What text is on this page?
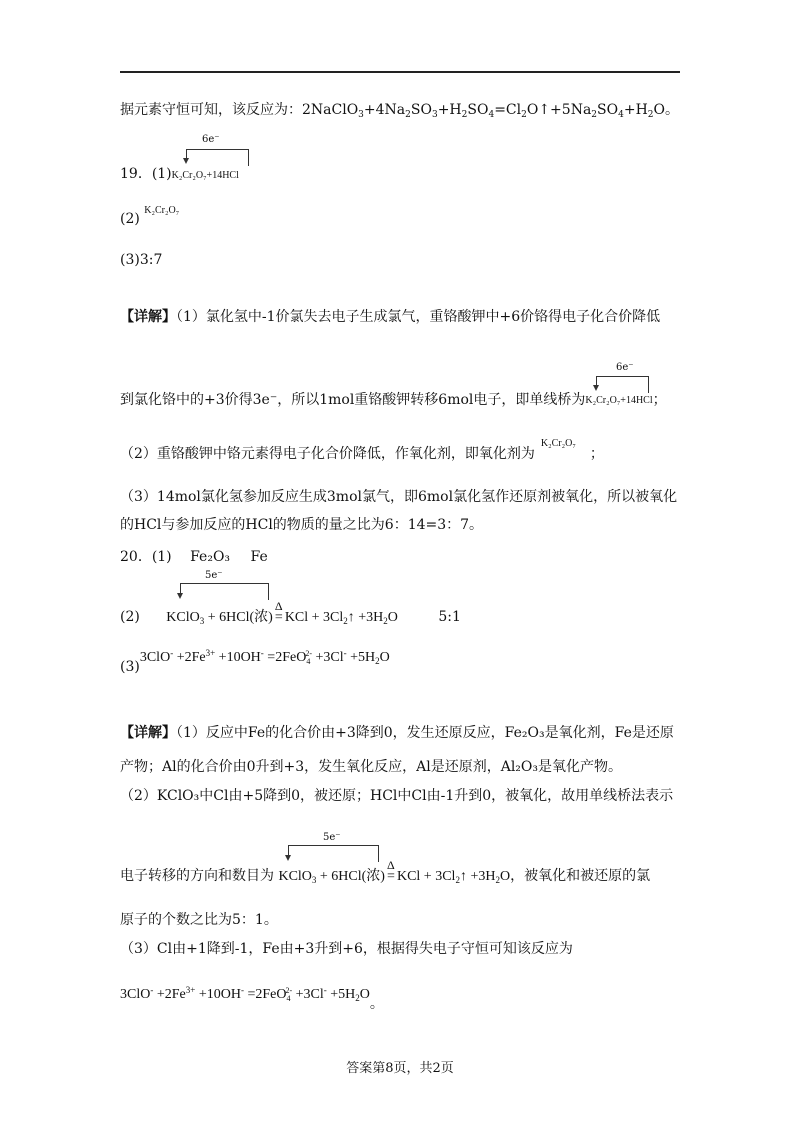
据元素守恒可知，该反应为：$2NaClO_3+4Na_2SO_3+H_2SO_4=Cl_2O↑+5Na_2SO_4+H_2O$。
6e⁻
19．(1)K₂Cr₂O₇+14HCl
(2) $^{K_2Cr_2O_7}$
(3)3:7
【详解】（1）氯化氢中-1价氯失去电子生成氯气，重铬酸钾中+6价铬得电子化合价降低
6e⁻
到氯化铬中的+3价得3e⁻，所以1mol重铬酸钾转移6mol电子，即单线桥为K₂Cr₂O₇+14HCl；
（2）重铬酸钾中铬元素得电子化合价降低，作氧化剂，即氧化剂为$^{K_2Cr_2O_7}$；
（3）14mol氯化氢参加反应生成3mol氯气，即6mol氯化氢作还原剂被氧化，所以被氧化
的HCl与参加反应的HCl的物质的量之比为6：14=3：7。
20．(1) Fe₂O₃ Fe
5e⁻
(2) KClO$_3$ + 6HCl(浓)
Δ
= KCl + $3Cl_2↑ +3H_2O$	5:1
$(3)3ClO^- +2Fe^{3+} +10OH^- =2FeO_4^{2-} +3Cl^- +5H_2O$
【详解】（1）反应中Fe的化合价由+3降到0，发生还原反应，Fe₂O₃是氧化剂，Fe是还原
产物；Al的化合价由0升到+3，发生氧化反应，Al是还原剂，Al₂O₃是氧化产物。
（2）KClO₃中Cl由+5降到0，被还原；HCl中Cl由-1升到0，被氧化，故用单线桥法表示
5e⁻
电子转移的方向和数目为 KClO$_3$ + 6HCl(浓)
Δ
= KCl + $3Cl_2↑ +3H_2O$，被氧化和被还原的氯
原子的个数之比为5：1。
（3）Cl由+1降到-1，Fe由+3升到+6，根据得失电子守恒可知该反应为
$3ClO^- +2Fe^{3+} +10OH^- =2FeO_4^{2-} +3Cl^- +5H_2O$。
答案第8页，共2页
